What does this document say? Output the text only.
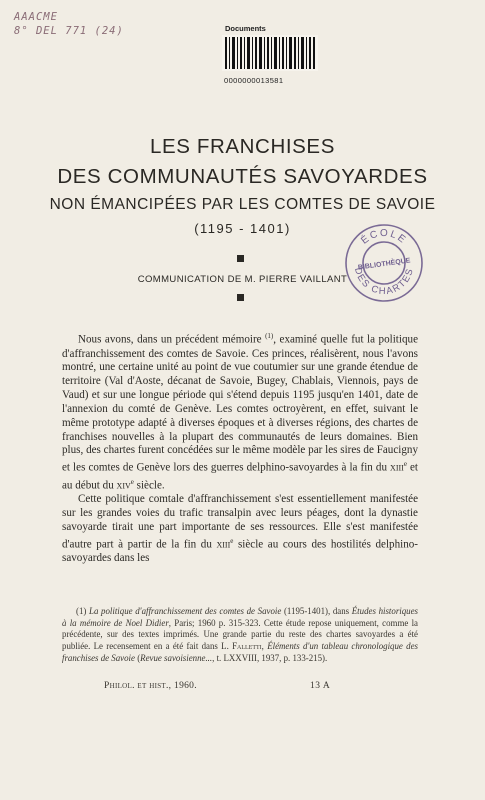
AAACME
8° DEL 771 (24)	Documents
0000000013581
LES FRANCHISES
DES COMMUNAUTÉS SAVOYARDES
NON ÉMANCIPÉES PAR LES COMTES DE SAVOIE
(1195 - 1401)
COMMUNICATION DE M. PIERRE VAILLANT
ÉCOLE
BIBLIOTHÈQUE
DES CHARTES

Nous avons, dans un précédent mémoire $^{(1)}$, examiné quelle fut la politique d'affranchissement des comtes de Savoie. Ces princes, réalisèrent, nous l'avons montré, une certaine unité au point de vue coutumier sur une grande étendue de territoire (Val d'Aoste, décanat de Savoie, Bugey, Chablais, Viennois, pays de Vaud) et sur une longue période qui s'étend depuis 1195 jusqu'en 1401, date de l'annexion du comté de Genève. Les comtes octroyèrent, en effet, suivant le même prototype adapté à diverses époques et à diverses régions, des chartes de franchises nouvelles à la plupart des communautés de leurs domaines. Bien plus, des chartes furent concédées sur le même modèle par les sires de Faucigny et les comtes de Genève lors des guerres delphino-savoyardes à la fin du xiii$^e$ et au début du xiv$^e$ siècle.

Cette politique comtale d'affranchissement s'est essentiellement manifestée sur les grandes voies du trafic transalpin avec leurs péages, dont la dynastie savoyarde tirait une part importante de ses ressources. Elle s'est manifestée d'autre part à partir de la fin du xiii$^e$ siècle au cours des hostilités delphino-savoyardes dans les

(1) La politique d'affranchissement des comtes de Savoie (1195-1401), dans Études historiques à la mémoire de Noel Didier, Paris; 1960 p. 315-323. Cette étude repose uniquement, comme la précédente, sur des textes imprimés. Une grande partie du reste des chartes savoyardes a été publiée. Le recensement en a été fait dans L. Falletti, Éléments d'un tableau chronologique des franchises de Savoie (Revue savoisienne..., t. LXXVIII, 1937, p. 133-215).

Philol. et hist., 1960.	13 A
